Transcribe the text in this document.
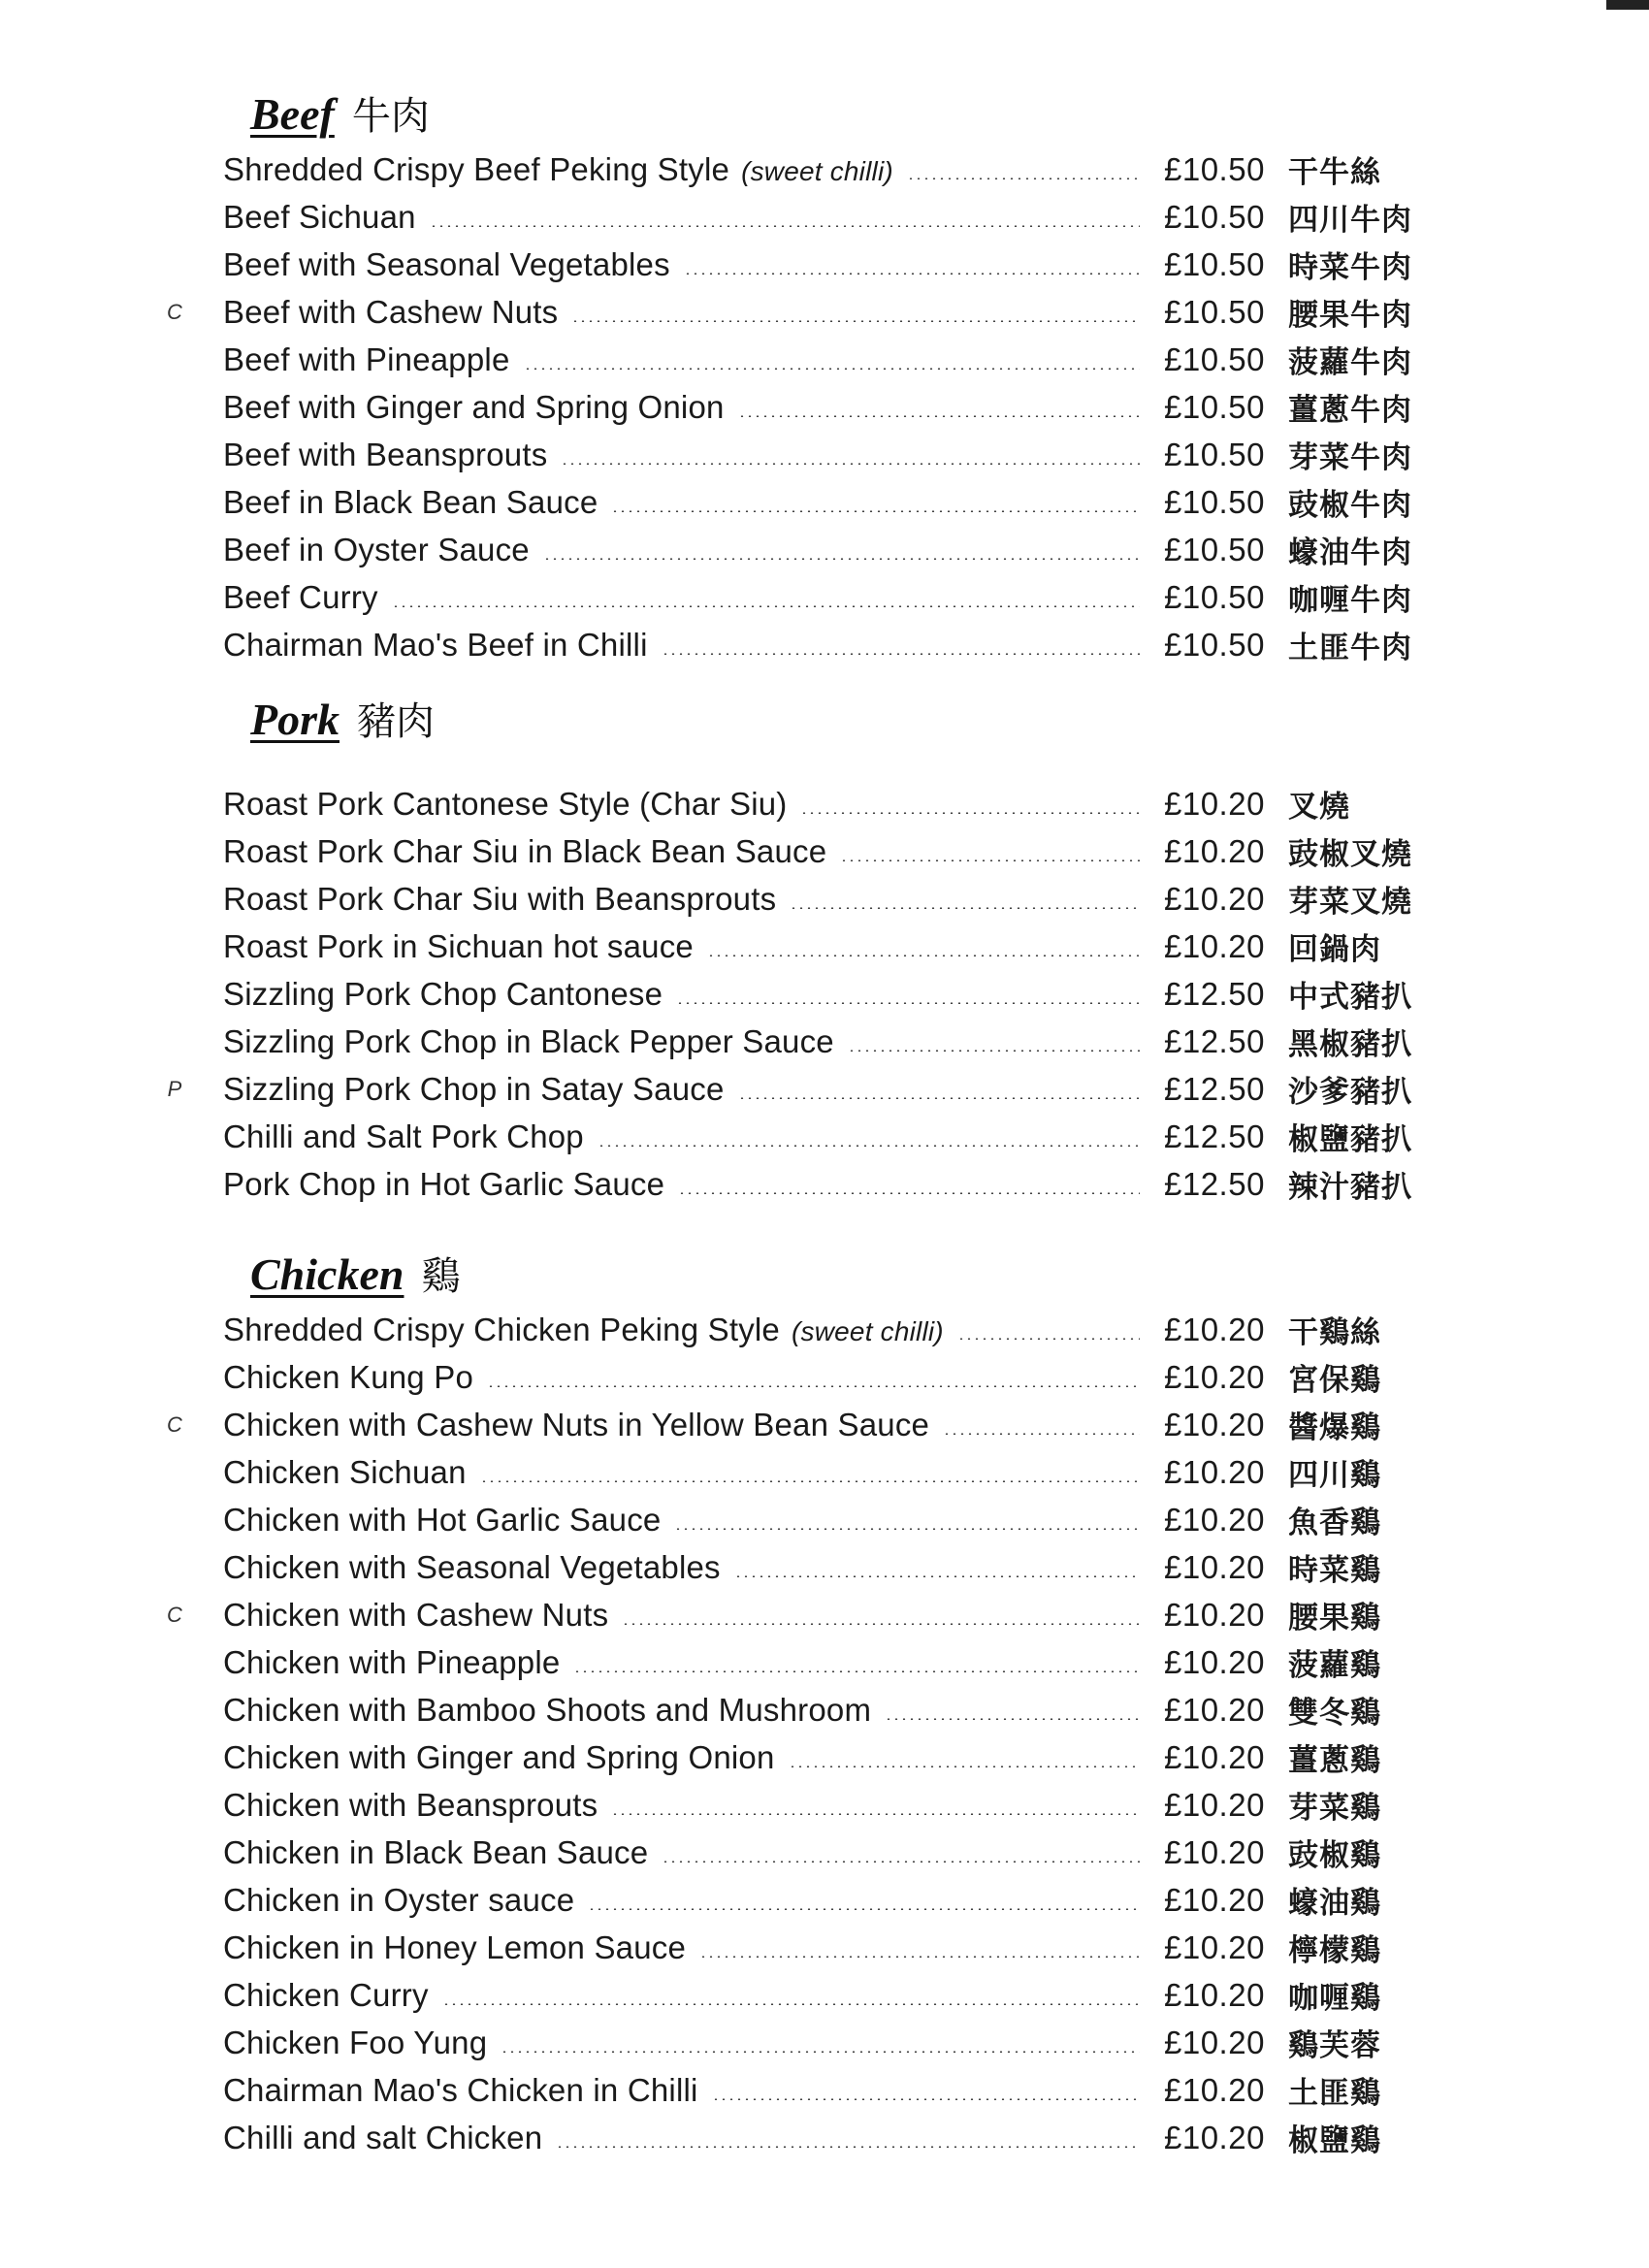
Beef 牛肉
Shredded Crispy Beef Peking Style (sweet chilli)	£10.50 干牛絲
Beef Sichuan	£10.50 四川牛肉
Beef with Seasonal Vegetables	£10.50 時菜牛肉
C Beef with Cashew Nuts	£10.50 腰果牛肉
Beef with Pineapple	£10.50 菠蘿牛肉
Beef with Ginger and Spring Onion	£10.50 薑蔥牛肉
Beef with Beansprouts	£10.50 芽菜牛肉
Beef in Black Bean Sauce	£10.50 豉椒牛肉
Beef in Oyster Sauce	£10.50 蠔油牛肉
Beef Curry	£10.50 咖喱牛肉
Chairman Mao's Beef in Chilli	£10.50 土匪牛肉
Pork 豬肉
Roast Pork Cantonese Style (Char Siu)	£10.20 叉燒
Roast Pork Char Siu in Black Bean Sauce	£10.20 豉椒叉燒
Roast Pork Char Siu with Beansprouts	£10.20 芽菜叉燒
Roast Pork in Sichuan hot sauce	£10.20 回鍋肉
Sizzling Pork Chop Cantonese	£12.50 中式豬扒
Sizzling Pork Chop in Black Pepper Sauce	£12.50 黑椒豬扒
P Sizzling Pork Chop in Satay Sauce	£12.50 沙爹豬扒
Chilli and Salt Pork Chop	£12.50 椒鹽豬扒
Pork Chop in Hot Garlic Sauce	£12.50 辣汁豬扒
Chicken 鷄
Shredded Crispy Chicken Peking Style (sweet chilli)	£10.20 干鷄絲
Chicken Kung Po	£10.20 宮保鷄
C Chicken with Cashew Nuts in Yellow Bean Sauce	£10.20 醬爆鷄
Chicken Sichuan	£10.20 四川鷄
Chicken with Hot Garlic Sauce	£10.20 魚香鷄
Chicken with Seasonal Vegetables	£10.20 時菜鷄
C Chicken with Cashew Nuts	£10.20 腰果鷄
Chicken with Pineapple	£10.20 菠蘿鷄
Chicken with Bamboo Shoots and Mushroom	£10.20 雙冬鷄
Chicken with Ginger and Spring Onion	£10.20 薑蔥鷄
Chicken with Beansprouts	£10.20 芽菜鷄
Chicken in Black Bean Sauce	£10.20 豉椒鷄
Chicken in Oyster sauce	£10.20 蠔油鷄
Chicken in Honey Lemon Sauce	£10.20 檸檬鷄
Chicken Curry	£10.20 咖喱鷄
Chicken Foo Yung	£10.20 鷄芙蓉
Chairman Mao's Chicken in Chilli	£10.20 土匪鷄
Chilli and salt Chicken	£10.20 椒鹽鷄
